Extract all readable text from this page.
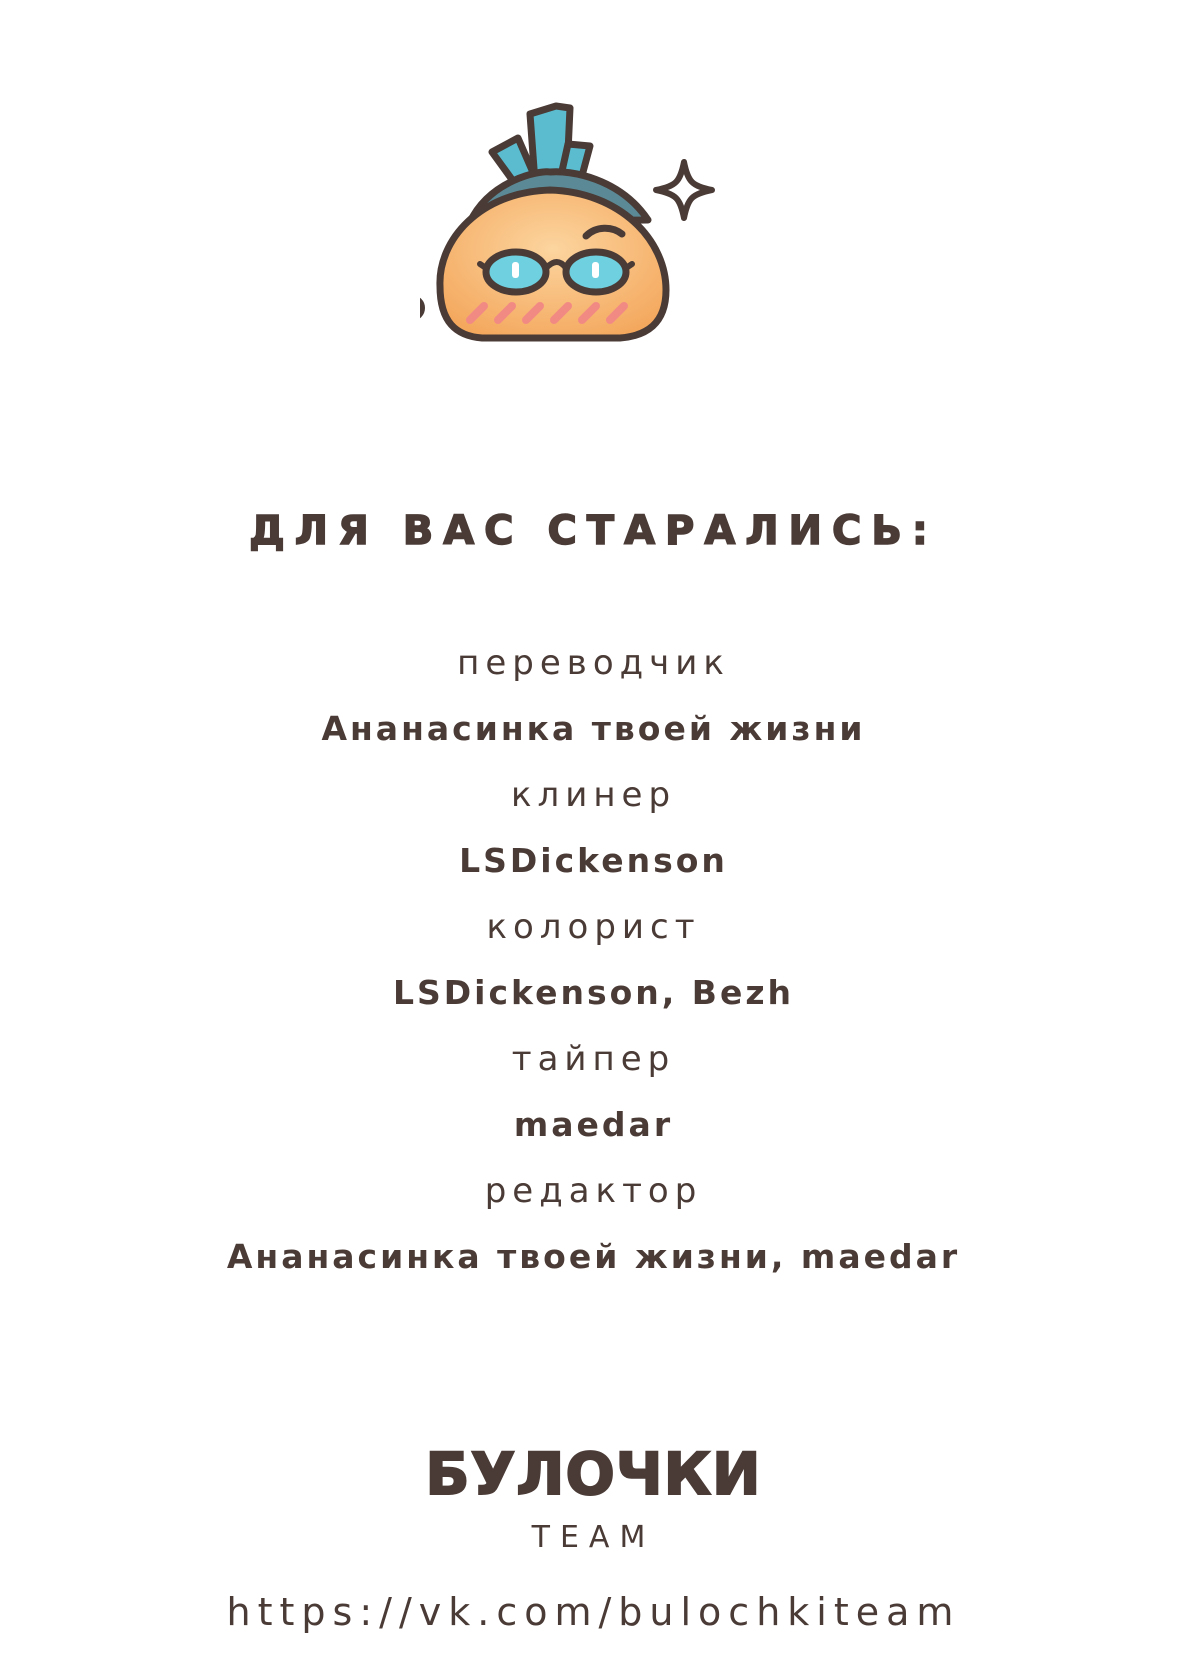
ДЛЯ ВАС СТАРАЛИСЬ:
переводчик
Ананасинка твоей жизни
клинер
LSDickenson
колорист
LSDickenson, Bezh
тайпер
maedar
редактор
Ананасинка твоей жизни, maedar
БУЛОЧКИ
TEAM
https://vk.com/bulochkiteam
